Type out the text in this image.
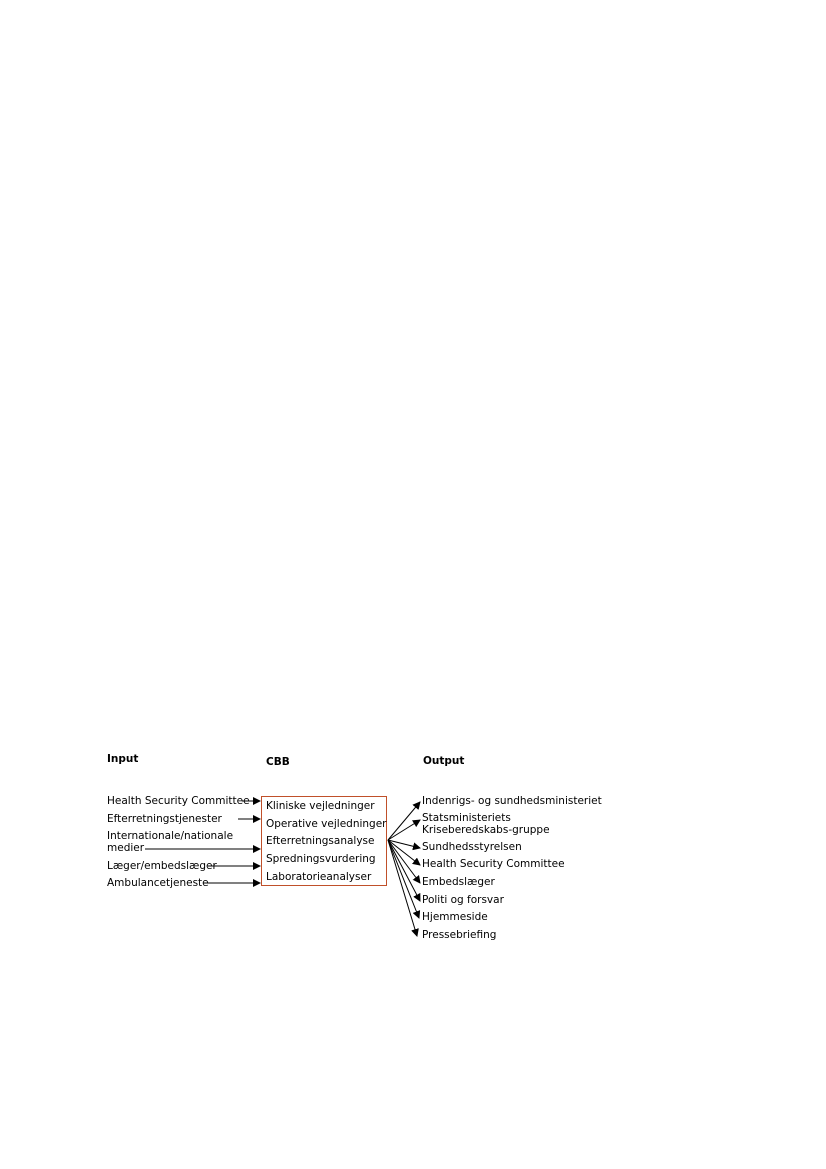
Input	CBB	Output
Health Security Committee
Efterretningstjenester
Internationale/nationale medier
Læger/embedslæger
Ambulancetjeneste
Kliniske vejledninger
Operative vejledninger
Efterretningsanalyse
Spredningsvurdering
Laboratorieanalyser
Indenrigs- og sundhedsministeriet
Statsministeriets Kriseberedskabs-gruppe
Sundhedsstyrelsen
Health Security Committee
Embedslæger
Politi og forsvar
Hjemmeside
Pressebriefing
